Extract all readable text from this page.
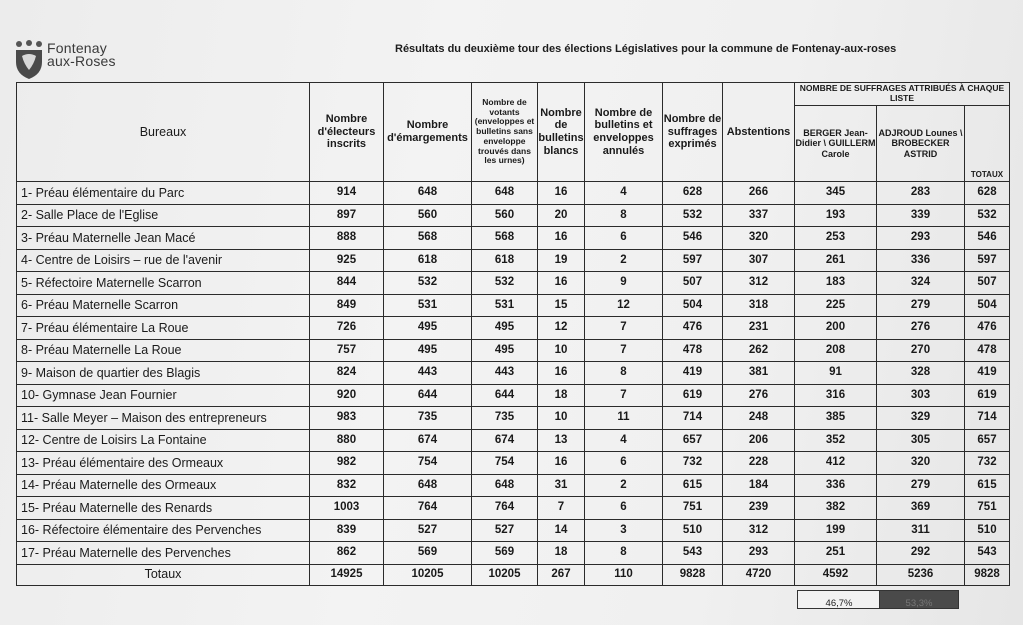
Fontenay
aux-Roses
Résultats du deuxième tour des élections Législatives pour la commune de Fontenay-aux-roses
Bureaux	Nombre d'électeurs inscrits	Nombre d'émargements	Nombre de votants (enveloppes et bulletins sans enveloppe trouvés dans les urnes)	Nombre de bulletins blancs	Nombre de bulletins et enveloppes annulés	Nombre de suffrages exprimés	Abstentions	NOMBRE DE SUFFRAGES ATTRIBUÉS À CHAQUE LISTE		
								BERGER Jean-Didier \ GUILLERM Carole	ADJROUD Lounes \ BROBECKER ASTRID	TOTAUX
1- Préau élémentaire du Parc	914	648	648	16	4	628	266	345	283	628
2- Salle Place de l'Eglise	897	560	560	20	8	532	337	193	339	532
3- Préau Maternelle Jean Macé	888	568	568	16	6	546	320	253	293	546
4- Centre de Loisirs – rue de l'avenir	925	618	618	19	2	597	307	261	336	597
5- Réfectoire Maternelle Scarron	844	532	532	16	9	507	312	183	324	507
6- Préau Maternelle Scarron	849	531	531	15	12	504	318	225	279	504
7- Préau élémentaire La Roue	726	495	495	12	7	476	231	200	276	476
8- Préau Maternelle La Roue	757	495	495	10	7	478	262	208	270	478
9- Maison de quartier des Blagis	824	443	443	16	8	419	381	91	328	419
10- Gymnase Jean Fournier	920	644	644	18	7	619	276	316	303	619
11- Salle Meyer – Maison des entrepreneurs	983	735	735	10	11	714	248	385	329	714
12- Centre de Loisirs La Fontaine	880	674	674	13	4	657	206	352	305	657
13- Préau élémentaire des Ormeaux	982	754	754	16	6	732	228	412	320	732
14- Préau Maternelle des Ormeaux	832	648	648	31	2	615	184	336	279	615
15- Préau Maternelle des Renards	1003	764	764	7	6	751	239	382	369	751
16- Réfectoire élémentaire des Pervenches	839	527	527	14	3	510	312	199	311	510
17- Préau Maternelle des Pervenches	862	569	569	18	8	543	293	251	292	543
Totaux	14925	10205	10205	267	110	9828	4720	4592	5236	9828
46,7%	53,3%
